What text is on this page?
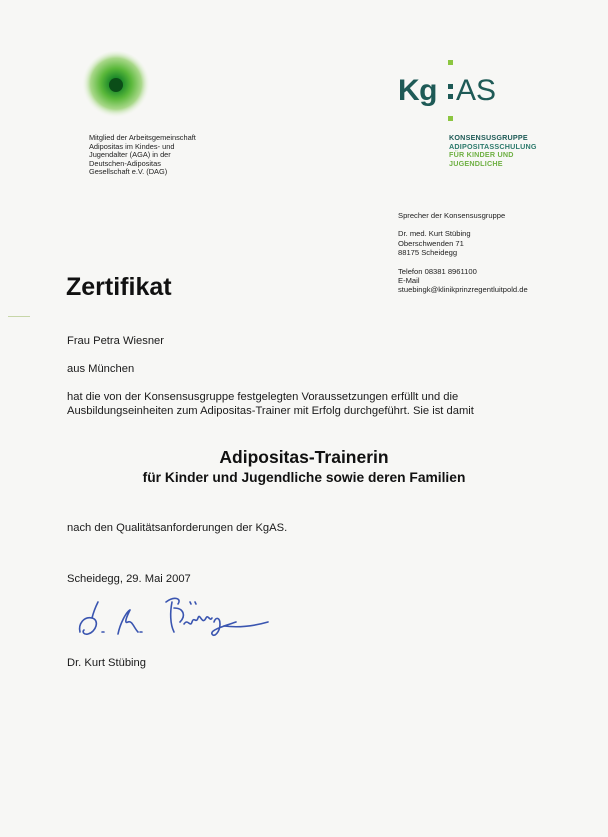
Mitglied der Arbeitsgemeinschaft
Adipositas im Kindes- und
Jugendalter (AGA) in der
Deutschen-Adipositas
Gesellschaft e.V. (DAG)
Kg AS
KONSENSUSGRUPPE
ADIPOSITASSCHULUNG
FÜR KINDER UND
JUGENDLICHE
Sprecher der Konsensusgruppe
Dr. med. Kurt Stübing
Oberschwenden 71
88175 Scheidegg
Telefon 08381 8961100
E-Mail
stuebingk@klinikprinzregentluitpold.de
Zertifikat
Frau Petra Wiesner
aus München
hat die von der Konsensusgruppe festgelegten Voraussetzungen erfüllt und die Ausbildungseinheiten zum Adipositas-Trainer mit Erfolg durchgeführt. Sie ist damit
Adipositas-Trainerin
für Kinder und Jugendliche sowie deren Familien
nach den Qualitätsanforderungen der KgAS.
Scheidegg, 29. Mai 2007
Dr. Kurt Stübing
